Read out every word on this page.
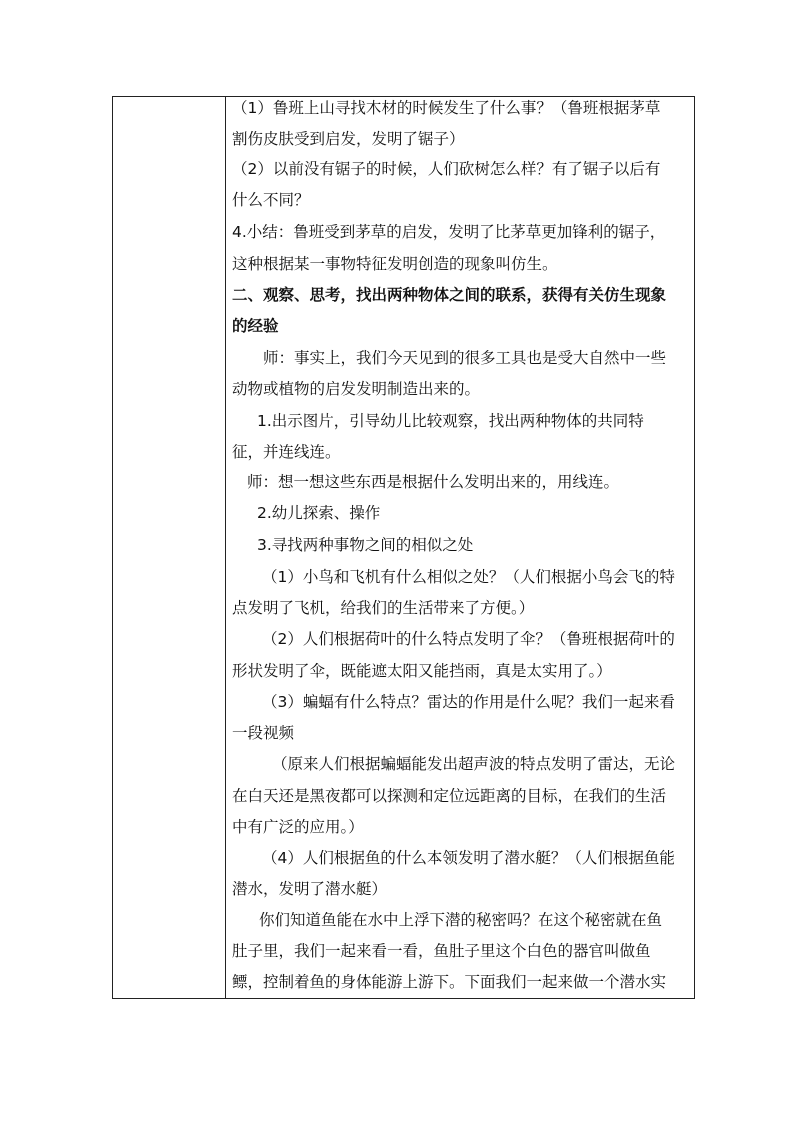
（1）鲁班上山寻找木材的时候发生了什么事？（鲁班根据茅草
割伤皮肤受到启发，发明了锯子）
（2）以前没有锯子的时候，人们砍树怎么样？有了锯子以后有
什么不同？
4.小结：鲁班受到茅草的启发，发明了比茅草更加锋利的锯子，
这种根据某一事物特征发明创造的现象叫仿生。
二、观察、思考，找出两种物体之间的联系，获得有关仿生现象
的经验
师：事实上，我们今天见到的很多工具也是受大自然中一些
动物或植物的启发发明制造出来的。
1.出示图片，引导幼儿比较观察，找出两种物体的共同特
征，并连线连。
师：想一想这些东西是根据什么发明出来的，用线连。
2.幼儿探索、操作
3.寻找两种事物之间的相似之处
（1）小鸟和飞机有什么相似之处？（人们根据小鸟会飞的特
点发明了飞机，给我们的生活带来了方便。）
（2）人们根据荷叶的什么特点发明了伞？（鲁班根据荷叶的
形状发明了伞，既能遮太阳又能挡雨，真是太实用了。）
（3）蝙蝠有什么特点？雷达的作用是什么呢？我们一起来看
一段视频
（原来人们根据蝙蝠能发出超声波的特点发明了雷达，无论
在白天还是黑夜都可以探测和定位远距离的目标，在我们的生活
中有广泛的应用。）
（4）人们根据鱼的什么本领发明了潜水艇？（人们根据鱼能
潜水，发明了潜水艇）
你们知道鱼能在水中上浮下潜的秘密吗？在这个秘密就在鱼
肚子里，我们一起来看一看，鱼肚子里这个白色的器官叫做鱼
鳔，控制着鱼的身体能游上游下。下面我们一起来做一个潜水实
